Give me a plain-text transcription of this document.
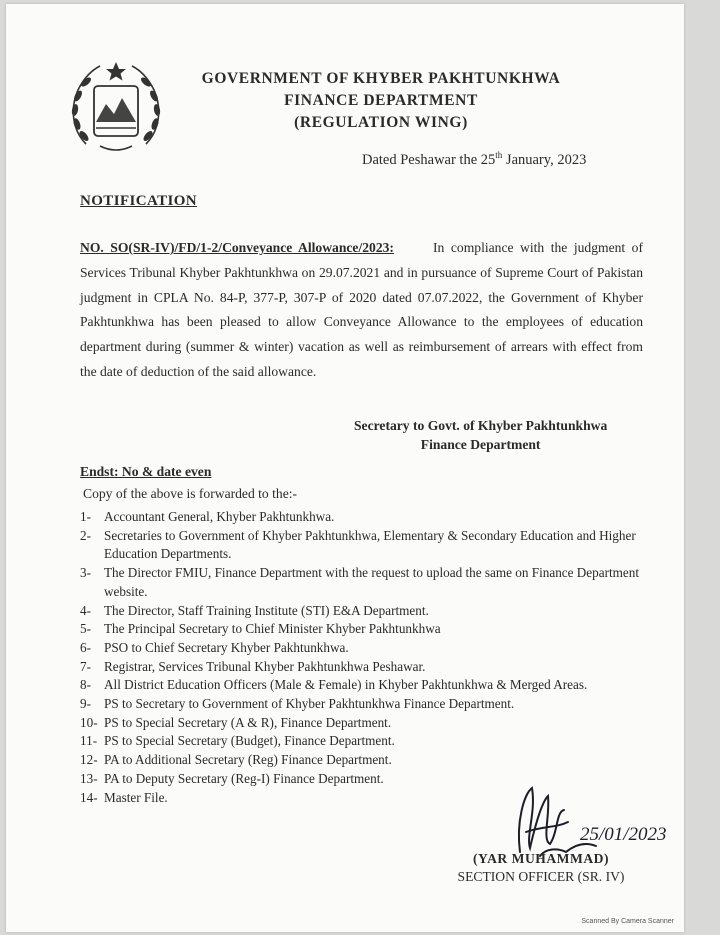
GOVERNMENT OF KHYBER PAKHTUNKHWA
FINANCE DEPARTMENT
(REGULATION WING)
Dated Peshawar the 25th January, 2023
NOTIFICATION
NO. SO(SR-IV)/FD/1-2/Conveyance Allowance/2023:	In compliance with the judgment of Services Tribunal Khyber Pakhtunkhwa on 29.07.2021 and in pursuance of Supreme Court of Pakistan judgment in CPLA No. 84-P, 377-P, 307-P of 2020 dated 07.07.2022, the Government of Khyber Pakhtunkhwa has been pleased to allow Conveyance Allowance to the employees of education department during (summer & winter) vacation as well as reimbursement of arrears with effect from the date of deduction of the said allowance.
Secretary to Govt. of Khyber Pakhtunkhwa
Finance Department
Endst: No & date even
Copy of the above is forwarded to the:-
1- Accountant General, Khyber Pakhtunkhwa.
2- Secretaries to Government of Khyber Pakhtunkhwa, Elementary & Secondary Education and Higher Education Departments.
3- The Director FMIU, Finance Department with the request to upload the same on Finance Department website.
4- The Director, Staff Training Institute (STI) E&A Department.
5- The Principal Secretary to Chief Minister Khyber Pakhtunkhwa
6- PSO to Chief Secretary Khyber Pakhtunkhwa.
7- Registrar, Services Tribunal Khyber Pakhtunkhwa Peshawar.
8- All District Education Officers (Male & Female) in Khyber Pakhtunkhwa & Merged Areas.
9- PS to Secretary to Government of Khyber Pakhtunkhwa Finance Department.
10- PS to Special Secretary (A & R), Finance Department.
11- PS to Special Secretary (Budget), Finance Department.
12- PA to Additional Secretary (Reg) Finance Department.
13- PA to Deputy Secretary (Reg-I) Finance Department.
14- Master File.
25/01/2023
(YAR MUHAMMAD)
SECTION OFFICER (SR. IV)
Scanned By Camera Scanner
